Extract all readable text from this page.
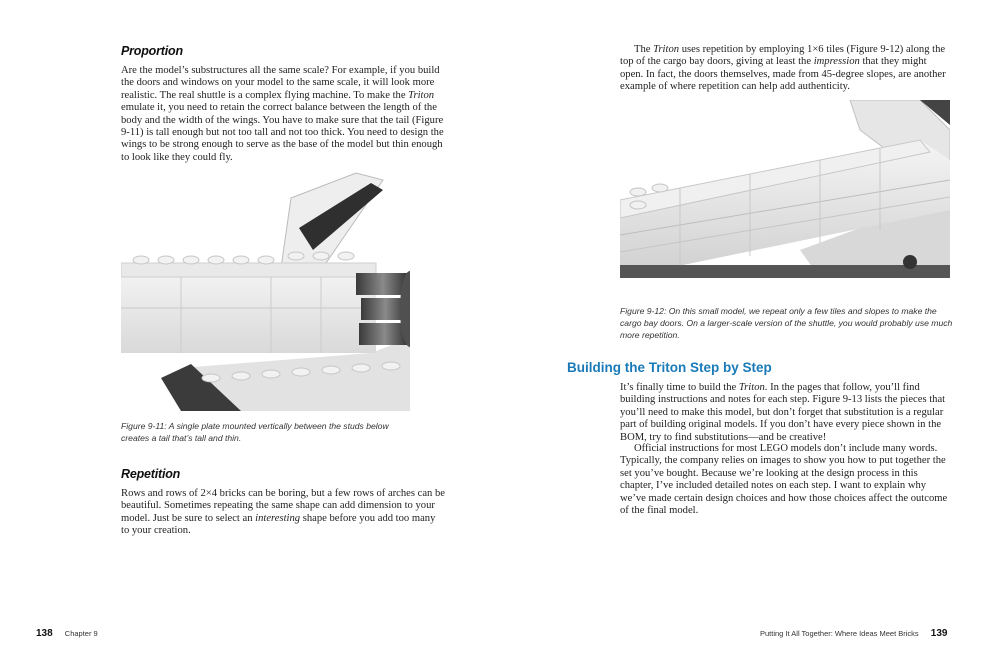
Proportion

Are the model’s substructures all the same scale? For example, if you build the doors and windows on your model to the same scale, it will look more realistic. The real shuttle is a complex flying machine. To make the Triton emulate it, you need to retain the correct balance between the length of the body and the width of the wings. You have to make sure that the tail (Figure 9-11) is tall enough but not too tall and not too thick. You need to design the wings to be strong enough to serve as the base of the model but thin enough to look like they could fly.

Figure 9-11: A single plate mounted vertically between the studs below creates a tail that’s tall and thin.

Repetition

Rows and rows of 2×4 bricks can be boring, but a few rows of arches can be beautiful. Sometimes repeating the same shape can add dimension to your model. Just be sure to select an interesting shape before you add too many to your creation.

138 Chapter 9

The Triton uses repetition by employing 1×6 tiles (Figure 9-12) along the top of the cargo bay doors, giving at least the impression that they might open. In fact, the doors themselves, made from 45-degree slopes, are another example of where repetition can help add authenticity.

Figure 9-12: On this small model, we repeat only a few tiles and slopes to make the cargo bay doors. On a larger-scale version of the shuttle, you would probably use much more repetition.

Building the Triton Step by Step

It’s finally time to build the Triton. In the pages that follow, you’ll find building instructions and notes for each step. Figure 9-13 lists the pieces that you’ll need to make this model, but don’t forget that substitution is a regular part of building original models. If you don’t have every piece shown in the BOM, try to find substitutions—and be creative!

Official instructions for most LEGO models don’t include many words. Typically, the company relies on images to show you how to put together the set you’ve bought. Because we’re looking at the design process in this chapter, I’ve included detailed notes on each step. I want to explain why we’ve made certain design choices and how those choices affect the outcome of the final model.

Putting It All Together: Where Ideas Meet Bricks 139
